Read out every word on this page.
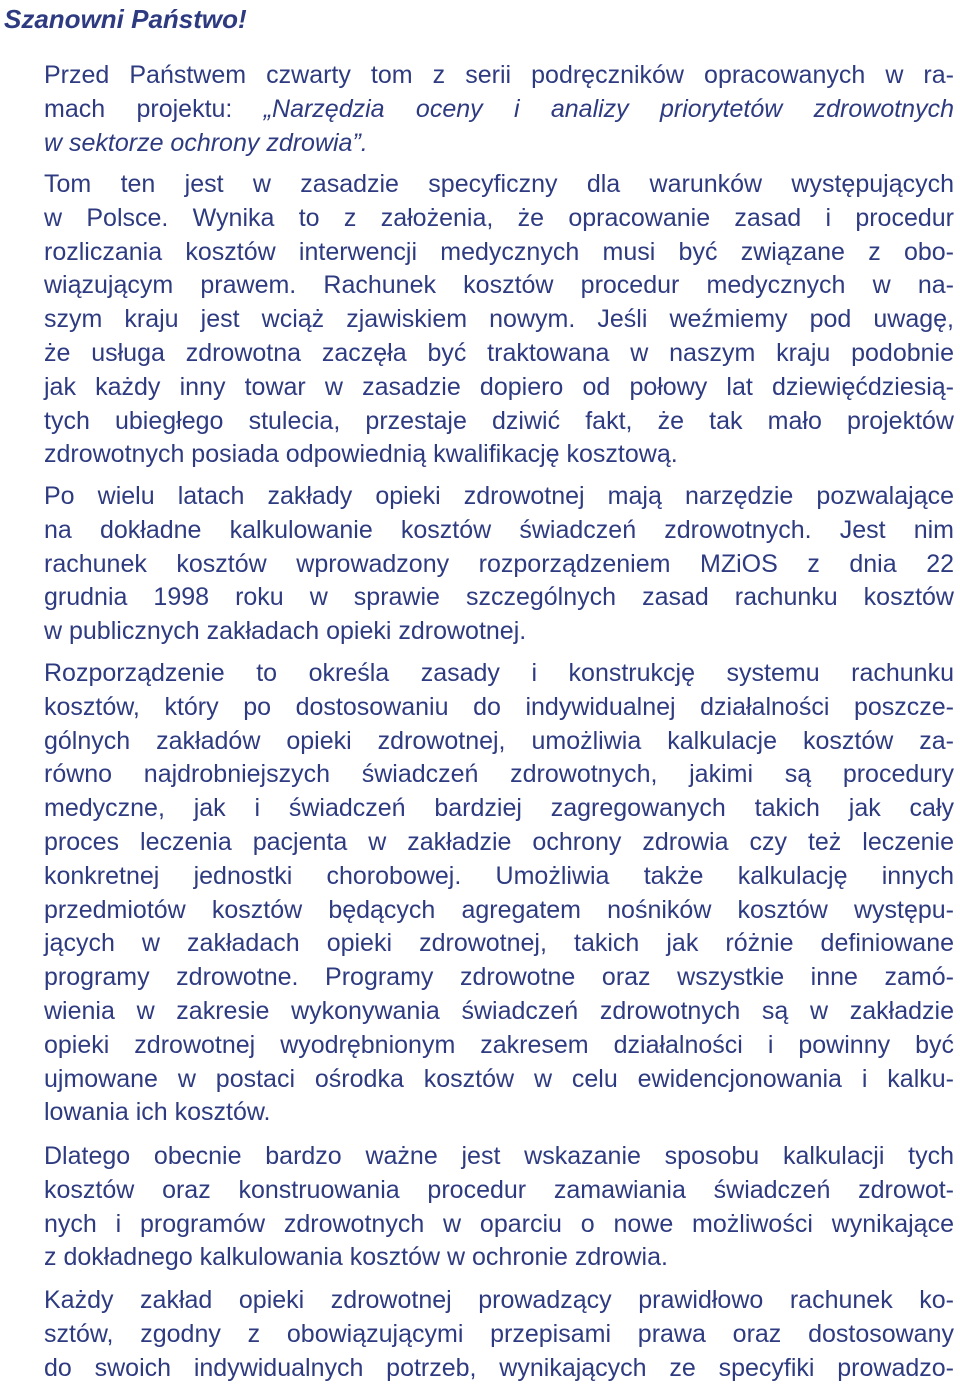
Szanowni Państwo!

Przed Państwem czwarty tom z serii podręczników opracowanych w ra-
mach projektu: „Narzędzia oceny i analizy priorytetów zdrowotnych
w sektorze ochrony zdrowia”.

Tom ten jest w zasadzie specyficzny dla warunków występujących
w Polsce. Wynika to z założenia, że opracowanie zasad i procedur
rozliczania kosztów interwencji medycznych musi być związane z obo-
wiązującym prawem. Rachunek kosztów procedur medycznych w na-
szym kraju jest wciąż zjawiskiem nowym. Jeśli weźmiemy pod uwagę,
że usługa zdrowotna zaczęła być traktowana w naszym kraju podobnie
jak każdy inny towar w zasadzie dopiero od połowy lat dziewięćdziesią-
tych ubiegłego stulecia, przestaje dziwić fakt, że tak mało projektów
zdrowotnych posiada odpowiednią kwalifikację kosztową.

Po wielu latach zakłady opieki zdrowotnej mają narzędzie pozwalające
na dokładne kalkulowanie kosztów świadczeń zdrowotnych. Jest nim
rachunek kosztów wprowadzony rozporządzeniem MZiOS z dnia 22
grudnia 1998 roku w sprawie szczególnych zasad rachunku kosztów
w publicznych zakładach opieki zdrowotnej.

Rozporządzenie to określa zasady i konstrukcję systemu rachunku
kosztów, który po dostosowaniu do indywidualnej działalności poszcze-
gólnych zakładów opieki zdrowotnej, umożliwia kalkulacje kosztów za-
równo najdrobniejszych świadczeń zdrowotnych, jakimi są procedury
medyczne, jak i świadczeń bardziej zagregowanych takich jak cały
proces leczenia pacjenta w zakładzie ochrony zdrowia czy też leczenie
konkretnej jednostki chorobowej. Umożliwia także kalkulację innych
przedmiotów kosztów będących agregatem nośników kosztów występu-
jących w zakładach opieki zdrowotnej, takich jak różnie definiowane
programy zdrowotne. Programy zdrowotne oraz wszystkie inne zamó-
wienia w zakresie wykonywania świadczeń zdrowotnych są w zakładzie
opieki zdrowotnej wyodrębnionym zakresem działalności i powinny być
ujmowane w postaci ośrodka kosztów w celu ewidencjonowania i kalku-
lowania ich kosztów.

Dlatego obecnie bardzo ważne jest wskazanie sposobu kalkulacji tych
kosztów oraz konstruowania procedur zamawiania świadczeń zdrowot-
nych i programów zdrowotnych w oparciu o nowe możliwości wynikające
z dokładnego kalkulowania kosztów w ochronie zdrowia.

Każdy zakład opieki zdrowotnej prowadzący prawidłowo rachunek ko-
sztów, zgodny z obowiązującymi przepisami prawa oraz dostosowany
do swoich indywidualnych potrzeb, wynikających ze specyfiki prowadzo-
